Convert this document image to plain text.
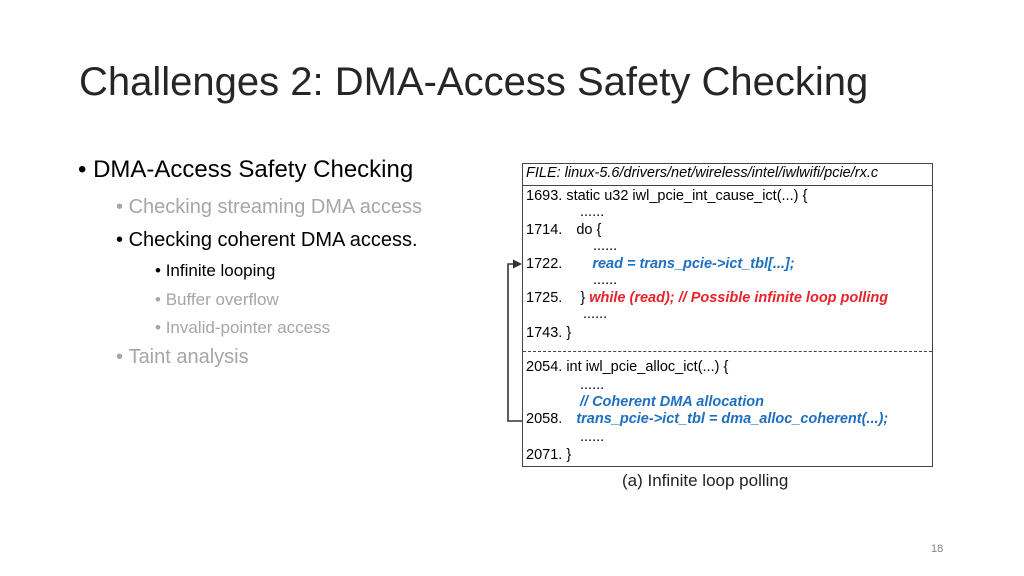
Challenges 2: DMA-Access Safety Checking
• DMA-Access Safety Checking
• Checking streaming DMA access
• Checking coherent DMA access.
• Infinite looping
• Buffer overflow
• Invalid-pointer access
• Taint analysis
FILE: linux-5.6/drivers/net/wireless/intel/iwlwifi/pcie/rx.c
1693. static u32 iwl_pcie_int_cause_ict(...) {
......
1714. do {
......
1722. read = trans_pcie->ict_tbl[...];
......
1725. } while (read); // Possible infinite loop polling
......
1743. }
2054. int iwl_pcie_alloc_ict(...) {
......
// Coherent DMA allocation
2058. trans_pcie->ict_tbl = dma_alloc_coherent(...);
......
2071. }
(a) Infinite loop polling
18
